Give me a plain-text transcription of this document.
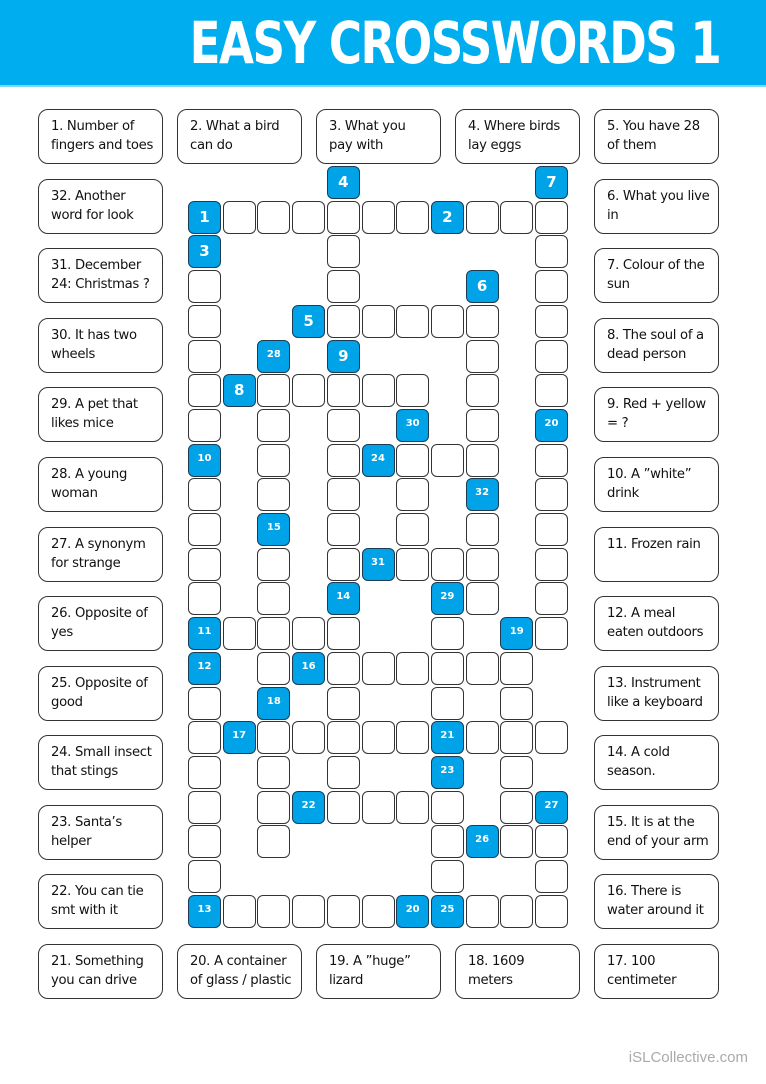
EASY CROSSWORDS 1
1. Number of fingers and toes
2. What a bird can do
3. What you pay with
4. Where birds lay eggs
5. You have 28 of them
6. What you live in
7. Colour of the sun
8. The soul of a dead person
9. Red + yellow = ?
10. A ”white” drink
11. Frozen rain
12. A meal eaten outdoors
13. Instrument like a keyboard
14. A cold season.
15. It is at the end of your arm
16. There is water around it
32. Another word for look
31. December 24: Christmas ?
30. It has two wheels
29. A pet that likes mice
28. A young woman
27. A synonym for strange
26. Opposite of yes
25. Opposite of good
24. Small insect that stings
23. Santa’s helper
22. You can tie smt with it
21. Something you can drive
20. A container of glass / plastic
19. A ”huge” lizard
18. 1609 meters
17. 100 centimeter
4	7
1	2
3
6
5
28	9
8
30	20
10	24
32
15
31
14	29
11	19
12	16
18
17	21
23
22	27
26
13	20	25
iSLCollective.com
